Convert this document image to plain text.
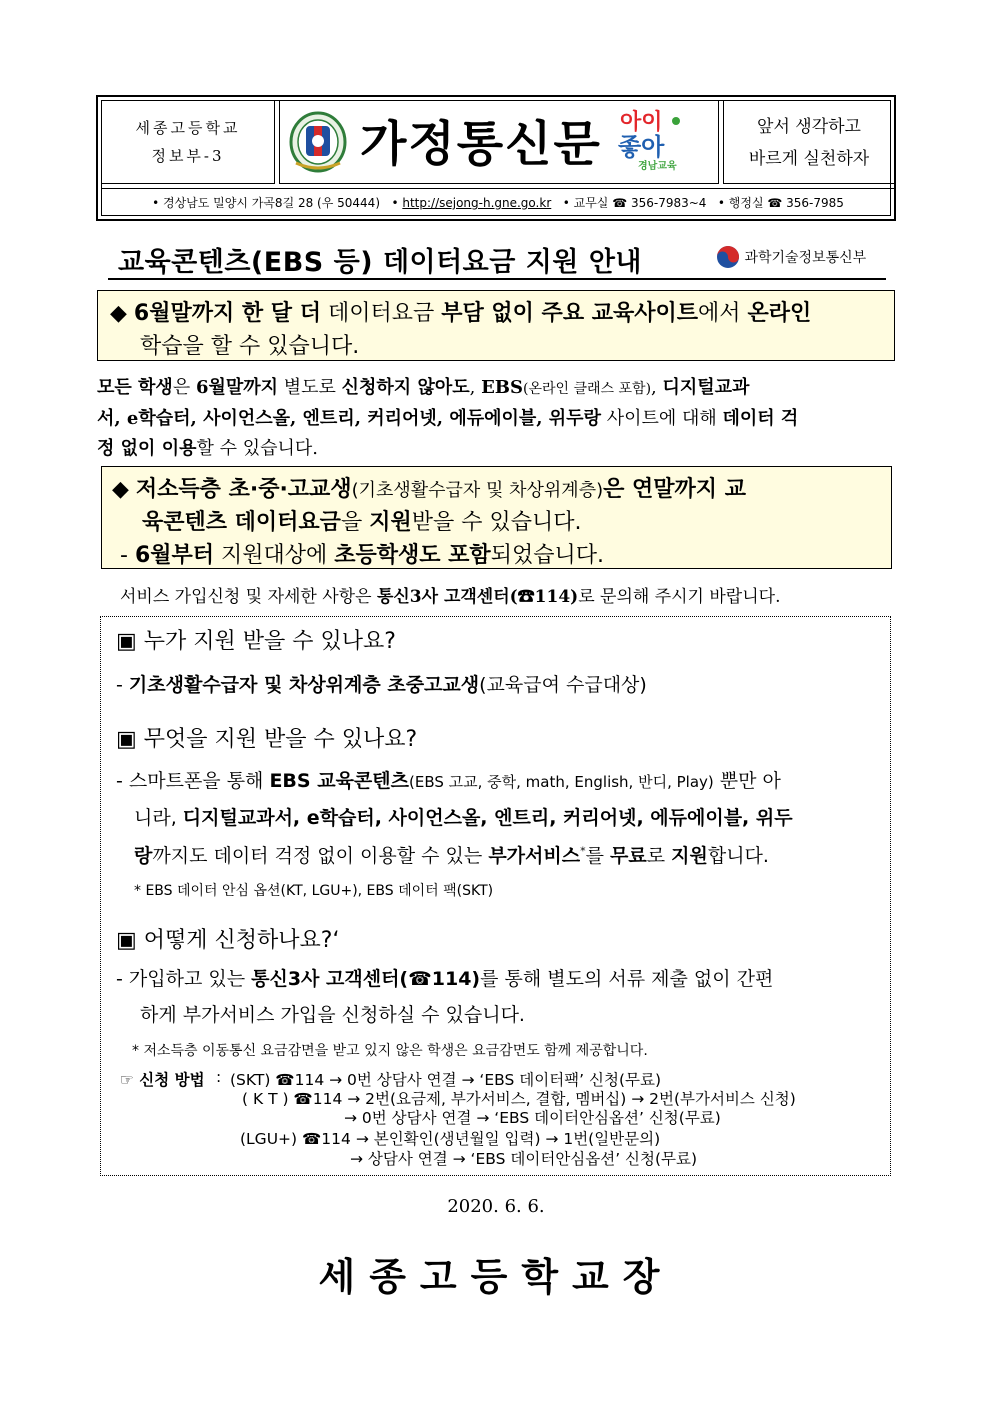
세종고등학교
정보부-3	가정통신문 아이
좋아
경남교육
앞서 생각하고
바르게 실천하자
• 경상남도 밀양시 가곡8길 28 (우 50444)   • http://sejong-h.gne.go.kr • 교무실 ☎ 356-7983~4 • 행정실 ☎ 356-7985
교육콘텐츠(EBS 등) 데이터요금 지원 안내	과학기술정보통신부
◆ 6월말까지 한 달 더 데이터요금 부담 없이 주요 교육사이트에서 온라인
학습을 할 수 있습니다.
모든 학생은 6월말까지 별도로 신청하지 않아도, EBS(온라인 클래스 포함), 디지털교과
서, e학습터, 사이언스올, 엔트리, 커리어넷, 에듀에이블, 위두랑 사이트에 대해 데이터 걱
정 없이 이용할 수 있습니다.
◆ 저소득층 초·중·고교생(기초생활수급자 및 차상위계층)은 연말까지 교
육콘텐츠 데이터요금을 지원받을 수 있습니다.
- 6월부터 지원대상에 초등학생도 포함되었습니다.
서비스 가입신청 및 자세한 사항은 통신3사 고객센터(☎114)로 문의해 주시기 바랍니다.
▣ 누가 지원 받을 수 있나요?
- 기초생활수급자 및 차상위계층 초중고교생(교육급여 수급대상)
▣ 무엇을 지원 받을 수 있나요?
- 스마트폰을 통해 EBS 교육콘텐츠(EBS 고교, 중학, math, English, 반디, Play) 뿐만 아
니라, 디지털교과서, e학습터, 사이언스올, 엔트리, 커리어넷, 에듀에이블, 위두
랑까지도 데이터 걱정 없이 이용할 수 있는 부가서비스*를 무료로 지원합니다.
* EBS 데이터 안심 옵션(KT, LGU+), EBS 데이터 팩(SKT)
▣ 어떻게 신청하나요?‘
- 가입하고 있는 통신3사 고객센터(☎114)를 통해 별도의 서류 제출 없이 간편
하게 부가서비스 가입을 신청하실 수 있습니다.
* 저소득층 이동통신 요금감면을 받고 있지 않은 학생은 요금감면도 함께 제공합니다.
☞ 신청 방법 : (SKT) ☎114 → 0번 상담사 연결 → ‘EBS 데이터팩’ 신청(무료)
( K T ) ☎114 → 2번(요금제, 부가서비스, 결합, 멤버십) → 2번(부가서비스 신청)
→ 0번 상담사 연결 → ‘EBS 데이터안심옵션’ 신청(무료)
(LGU+) ☎114 → 본인확인(생년월일 입력) → 1번(일반문의)
→ 상담사 연결 → ‘EBS 데이터안심옵션’ 신청(무료)
2020. 6. 6.
세종고등학교장
